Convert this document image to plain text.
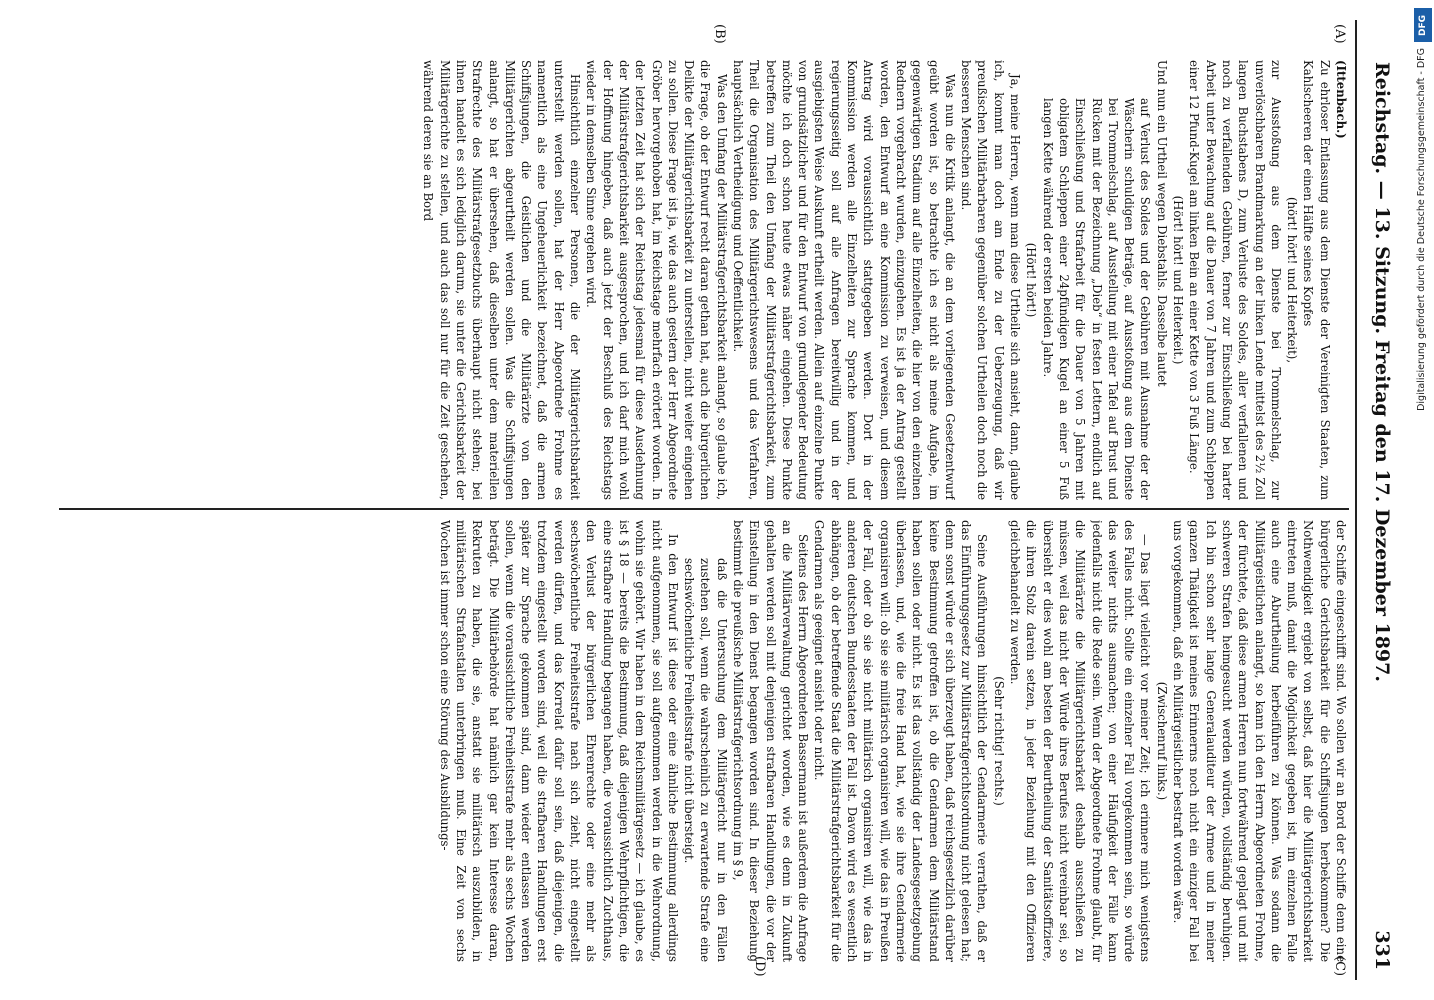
Reichstag. — 13. Sitzung.
Freitag den 17. Dezember 1897.
331

(Ittenbach.)

Zu ehrloser Entlassung aus dem Dienste der Vereinigten Staaten, zum Kahlscheeren der einen Hälfte seines Kopfes

(hört! hört! und Heiterkeit),

zur Ausstoßung aus dem Dienste bei Trommelschlag, zur unverlöschbaren Brandmarkung an der linken Lende mittelst des 2½ Zoll langen Buchstabens D, zum Verluste des Soldes, aller verfallenen und noch zu verfallenden Gebühren, ferner zur Einschließung bei harter Arbeit unter Bewachung auf die Dauer von 7 Jahren und zum Schleppen einer 12 Pfund-Kugel am linken Bein an einer Kette von 3 Fuß Länge.

(Hört! hört! und Heiterkeit.)

Und nun ein Urtheil wegen Diebstahls. Dasselbe lautet

auf Verlust des Soldes und der Gebühren mit Ausnahme der der Wäscherin schuldigen Beträge, auf Ausstoßung aus dem Dienste bei Trommelschlag, auf Ausstellung mit einer Tafel auf Brust und Rücken mit der Bezeichnung „Dieb“ in festen Lettern, endlich auf Einschließung und Strafarbeit für die Dauer von 5 Jahren mit obligatem Schleppen einer 24pfündigen Kugel an einer 5 Fuß langen Kette während der ersten beiden Jahre.

(Hört! hört!)

Ja, meine Herren, wenn man diese Urtheile sich ansieht, dann, glaube ich, kommt man doch am Ende zu der Ueberzeugung, daß wir preußischen Militärbarbaren gegenüber solchen Urtheilen doch noch die besseren Menschen sind.

Was nun die Kritik anlangt, die an dem vorliegenden Gesetzentwurf geübt worden ist, so betrachte ich es nicht als meine Aufgabe, im gegenwärtigen Stadium auf alle Einzelheiten, die hier von den einzelnen Rednern vorgebracht wurden, einzugehen. Es ist ja der Antrag gestellt worden, den Entwurf an eine Kommission zu verweisen, und diesem Antrag wird voraussichtlich stattgegeben werden. Dort in der Kommission werden alle Einzelheiten zur Sprache kommen, und regierungsseitig soll auf alle Anfragen bereitwillig und in der ausgiebigsten Weise Auskunft ertheilt werden. Allein auf einzelne Punkte von grundsätzlicher und für den Entwurf von grundlegender Bedeutung möchte ich doch schon heute etwas näher eingehen. Diese Punkte betreffen zum Theil den Umfang der Militärstrafgerichtsbarkeit, zum Theil die Organisation des Militärgerichtswesens und das Verfahren, hauptsächlich Vertheidigung und Oeffentlichkeit.

Was den Umfang der Militärstrafgerichtsbarkeit anlangt, so glaube ich, die Frage, ob der Entwurf recht daran gethan hat, auch die bürgerlichen Delikte der Militärgerichtsbarkeit zu unterstellen, nicht weiter eingehen zu sollen. Diese Frage ist ja, wie das auch gestern der Herr Abgeordnete Gröber hervorgehoben hat, im Reichstage mehrfach erörtert worden. In der letzten Zeit hat sich der Reichstag jedesmal für diese Ausdehnung der Militärstrafgerichtsbarkeit ausgesprochen, und ich darf mich wohl der Hoffnung hingeben, daß auch jetzt der Beschluß des Reichstags wieder in demselben Sinne ergehen wird.

Hinsichtlich einzelner Personen, die der Militärgerichtsbarkeit unterstellt werden sollen, hat der Herr Abgeordnete Frohme es namentlich als eine Ungeheuerlichkeit bezeichnet, daß die armen Schiffsjungen, die Geistlichen und die Militärärzte von den Militärgerichten abgeurtheilt werden sollen. Was die Schiffsjungen anlangt, so hat er übersehen, daß dieselben unter dem materiellen Strafrechte des Militärstrafgesetzbuchs überhaupt nicht stehen; bei ihnen handelt es sich lediglich darum, sie unter die Gerichtsbarkeit der Militärgerichte zu stellen, und auch das soll nur für die Zeit geschehen, während deren sie an Bord

der Schiffe eingeschifft sind. Wo sollen wir an Bord der Schiffe denn eine bürgerliche Gerichtsbarkeit für die Schiffsjungen herbekommen? Die Nothwendigkeit ergiebt von selbst, daß hier die Militärgerichtsbarkeit eintreten muß, damit die Möglichkeit gegeben ist, im einzelnen Falle auch eine Aburtheilung herbeiführen zu können. Was sodann die Militärgeistlichen anlangt, so kann ich den Herrn Abgeordneten Frohme, der fürchtete, daß diese armen Herren nun fortwährend geplagt und mit schweren Strafen heimgesucht werden würden, vollständig beruhigen. Ich bin schon sehr lange Generalauditeur der Armee und in meiner ganzen Thätigkeit ist meines Erinnerns noch nicht ein einziger Fall bei uns vorgekommen, daß ein Militärgeistlicher bestraft worden wäre.

(Zwischenruf links.)

— Das liegt vielleicht vor meiner Zeit; ich erinnere mich wenigstens des Falles nicht. Sollte ein einzelner Fall vorgekommen sein, so würde das weiter nichts ausmachen; von einer Häufigkeit der Fälle kann jedenfalls nicht die Rede sein. Wenn der Abgeordnete Frohme glaubt, für die Militärärzte die Militärgerichtsbarkeit deshalb ausschließen zu müssen, weil das nicht der Würde ihres Berufes nicht vereinbar sei, so übersieht er dies wohl am besten der Beurtheilung der Sanitätsoffiziere, die ihren Stolz darein setzen, in jeder Beziehung mit den Offizieren gleichbehandelt zu werden.

(Sehr richtig! rechts.)

Seine Ausführungen hinsichtlich der Gendarmerie verrathen, daß er das Einführungsgesetz zur Militärstrafgerichtsordnung nicht gelesen hat; denn sonst würde er sich überzeugt haben, daß reichsgesetzlich darüber keine Bestimmung getroffen ist, ob die Gendarmen dem Militärstand haben sollen oder nicht. Es ist das vollständig der Landesgesetzgebung überlassen, und, wie die freie Hand hat, wie sie ihre Gendarmerie organisiren will: ob sie sie militärisch organisiren will, wie das in Preußen der Fall, oder ob sie sie nicht militärisch organisiren will, wie das in anderen deutschen Bundesstaaten der Fall ist. Davon wird es wesentlich abhängen, ob der betreffende Staat die Militärstrafgerichtsbarkeit für die Gendarmen als geeignet ansieht oder nicht.

Seitens des Herrn Abgeordneten Bassermann ist außerdem die Anfrage an die Militärverwaltung gerichtet worden, wie es denn in Zukunft gehalten werden soll mit denjenigen strafbaren Handlungen, die vor der Einstellung in den Dienst begangen worden sind. In dieser Beziehung bestimmt die preußische Militärstrafgerichtsordnung im § 9,

daß die Untersuchung dem Militärgericht nur in den Fällen zustehen soll, wenn die wahrscheinlich zu erwartende Strafe eine sechswöchentliche Freiheitsstrafe nicht übersteigt.

In den Entwurf ist diese oder eine ähnliche Bestimmung allerdings nicht aufgenommen, sie soll aufgenommen werden in die Wehrordnung, wohin sie gehört. Wir haben in dem Reichsmilitärgesetz — ich glaube, es ist § 18 — bereits die Bestimmung, daß diejenigen Wehrpflichtigen, die eine strafbare Handlung begangen haben, die voraussichtlich Zuchthaus, den Verlust der bürgerlichen Ehrenrechte oder eine mehr als sechswöchentliche Freiheitsstrafe nach sich zieht, nicht eingestellt werden dürfen, und das Korrelat dafür soll sein, daß diejenigen, die trotzdem eingestellt worden sind, weil die strafbaren Handlungen erst später zur Sprache gekommen sind, dann wieder entlassen werden sollen, wenn die voraussichtliche Freiheitsstrafe mehr als sechs Wochen beträgt. Die Militärbehörde hat nämlich gar kein Interesse daran, Rekruten zu haben, die sie, anstatt sie militärisch auszubilden, in militärischen Strafanstalten unterbringen muß. Eine Zeit von sechs Wochen ist immer schon eine Störung des Ausbildungs-

(A)
(B)
(C)
(D)
DFG
Digitalisierung gefördert durch die Deutsche Forschungsgemeinschaft - DFG
